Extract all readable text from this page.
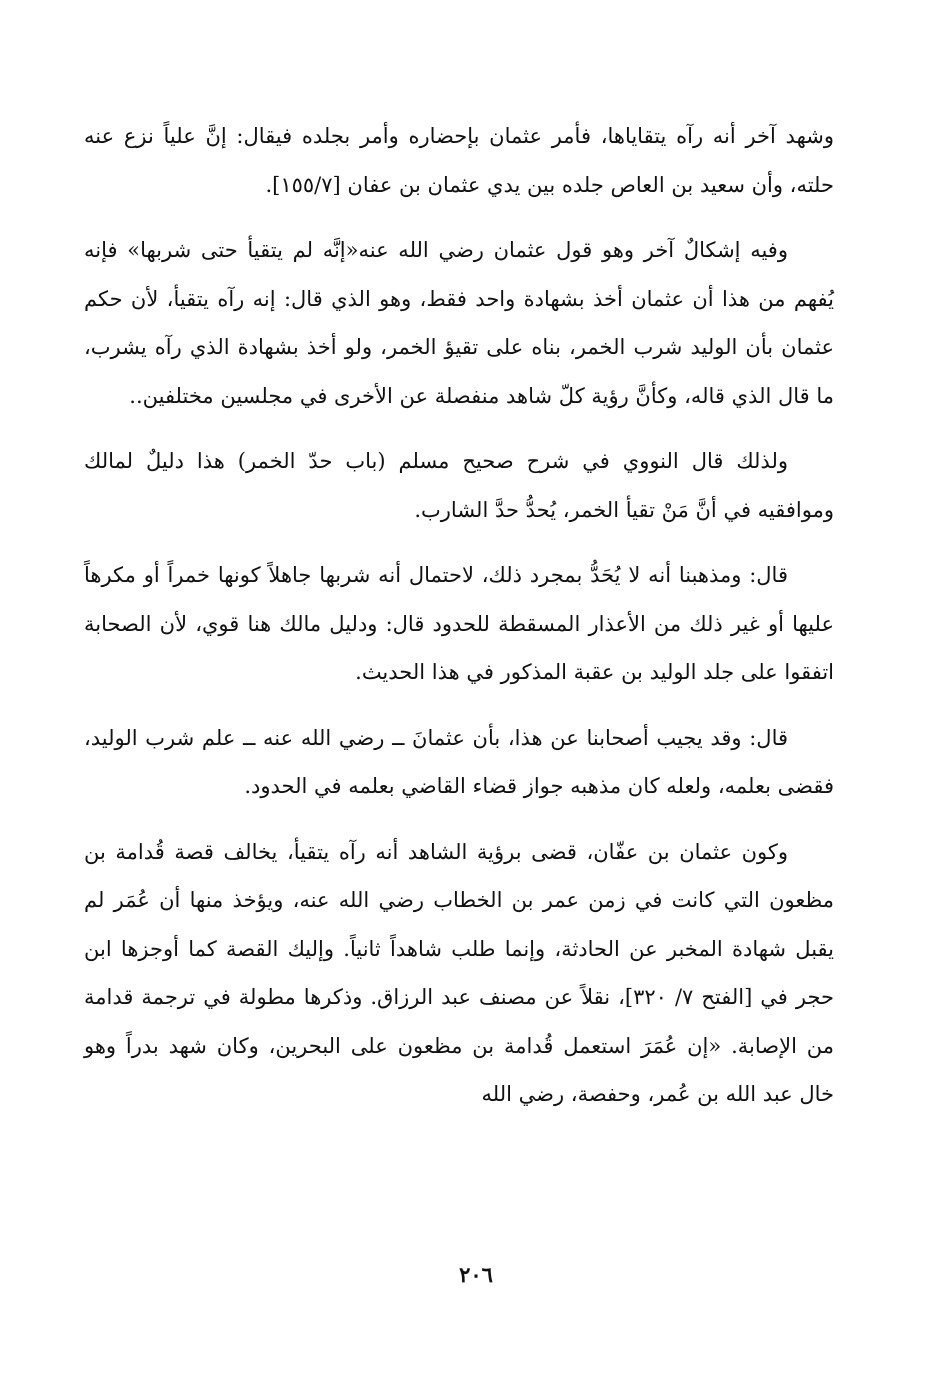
وشهد آخر أنه رآه يتقاياها، فأمر عثمان بإحضاره وأمر بجلده فيقال: إنَّ علياً نزع عنه حلته، وأن سعيد بن العاص جلده بين يدي عثمان بن عفان [١٥٥/٧].

وفيه إشكالٌ آخر وهو قول عثمان رضي الله عنه«إنَّه لم يتقيأ حتى شربها» فإنه يُفهم من هذا أن عثمان أخذ بشهادة واحد فقط، وهو الذي قال: إنه رآه يتقيأ، لأن حكم عثمان بأن الوليد شرب الخمر، بناه على تقيؤ الخمر، ولو أخذ بشهادة الذي رآه يشرب، ما قال الذي قاله، وكأنَّ رؤية كلّ شاهد منفصلة عن الأخرى في مجلسين مختلفين..

ولذلك قال النووي في شرح صحيح مسلم (باب حدّ الخمر) هذا دليلٌ لمالك وموافقيه في أنَّ مَنْ تقيأ الخمر، يُحدُّ حدَّ الشارب.

قال: ومذهبنا أنه لا يُحَدُّ بمجرد ذلك، لاحتمال أنه شربها جاهلاً كونها خمراً أو مكرهاً عليها أو غير ذلك من الأعذار المسقطة للحدود قال: ودليل مالك هنا قوي، لأن الصحابة اتفقوا على جلد الوليد بن عقبة المذكور في هذا الحديث.

قال: وقد يجيب أصحابنا عن هذا، بأن عثمانَ ــ رضي الله عنه ــ علم شرب الوليد، فقضى بعلمه، ولعله كان مذهبه جواز قضاء القاضي بعلمه في الحدود.

وكون عثمان بن عفّان، قضى برؤية الشاهد أنه رآه يتقيأ، يخالف قصة قُدامة بن مظعون التي كانت في زمن عمر بن الخطاب رضي الله عنه، ويؤخذ منها أن عُمَر لم يقبل شهادة المخبر عن الحادثة، وإنما طلب شاهداً ثانياً. وإليك القصة كما أوجزها ابن حجر في [الفتح ٧/ ٣٢٠]، نقلاً عن مصنف عبد الرزاق. وذكرها مطولة في ترجمة قدامة من الإصابة. «إن عُمَرَ استعمل قُدامة بن مظعون على البحرين، وكان شهد بدراً وهو خال عبد الله بن عُمر، وحفصة، رضي الله

٢٠٦
